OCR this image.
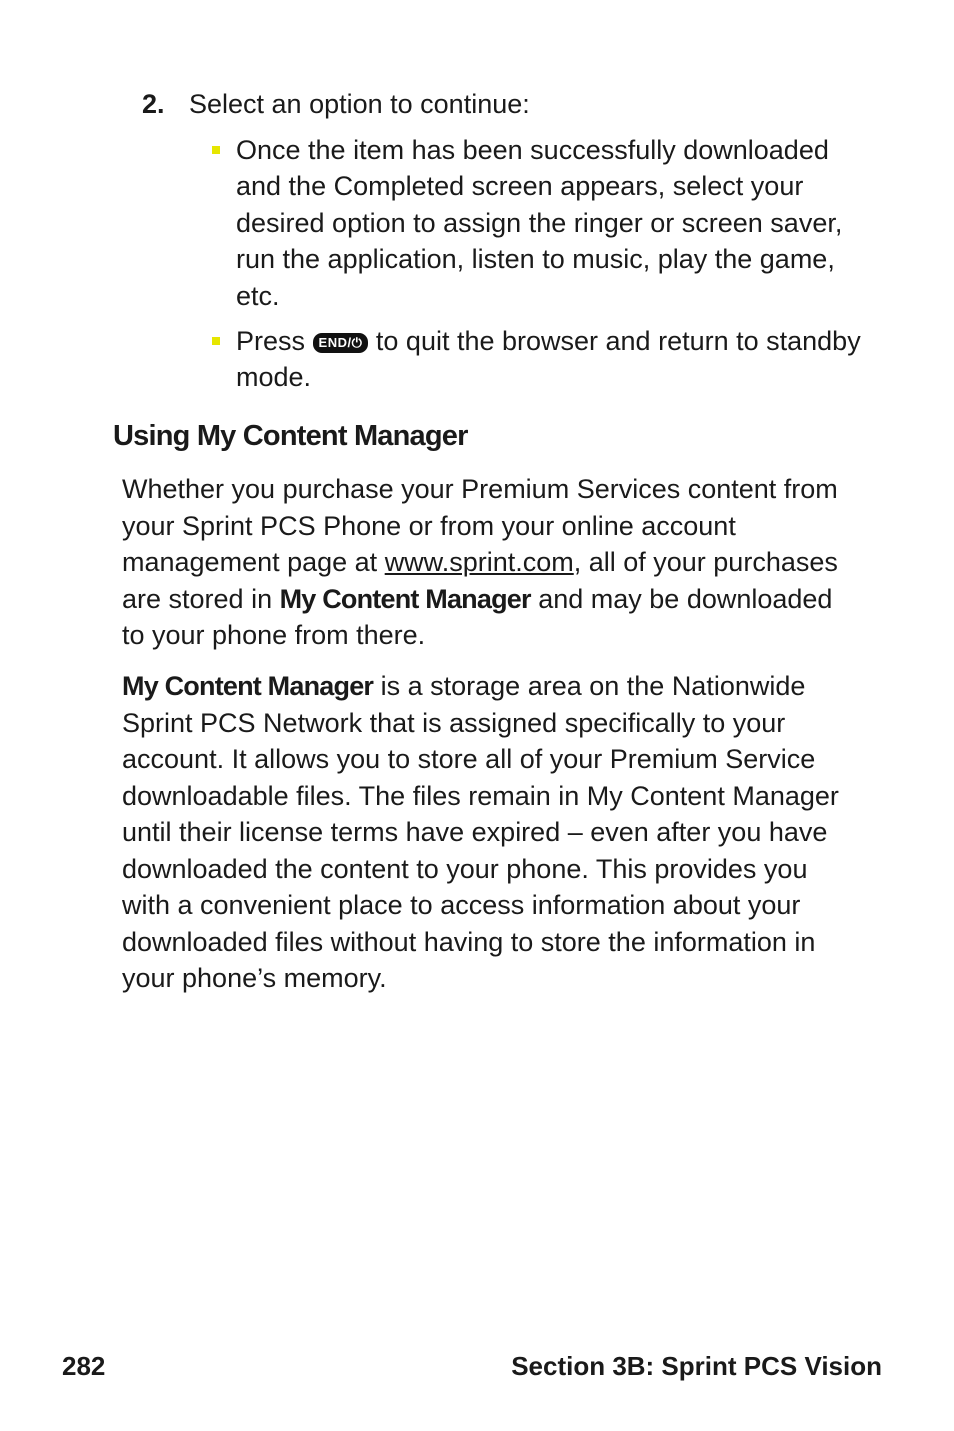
2. Select an option to continue:
Once the item has been successfully downloaded and the Completed screen appears, select your desired option to assign the ringer or screen saver, run the application, listen to music, play the game, etc.
Press END/⏻ to quit the browser and return to standby mode.
Using My Content Manager

Whether you purchase your Premium Services content from your Sprint PCS Phone or from your online account management page at www.sprint.com, all of your purchases are stored in My Content Manager and may be downloaded to your phone from there.

My Content Manager is a storage area on the Nationwide Sprint PCS Network that is assigned specifically to your account. It allows you to store all of your Premium Service downloadable files. The files remain in My Content Manager until their license terms have expired – even after you have downloaded the content to your phone. This provides you with a convenient place to access information about your downloaded files without having to store the information in your phone’s memory.

282	Section 3B: Sprint PCS Vision
